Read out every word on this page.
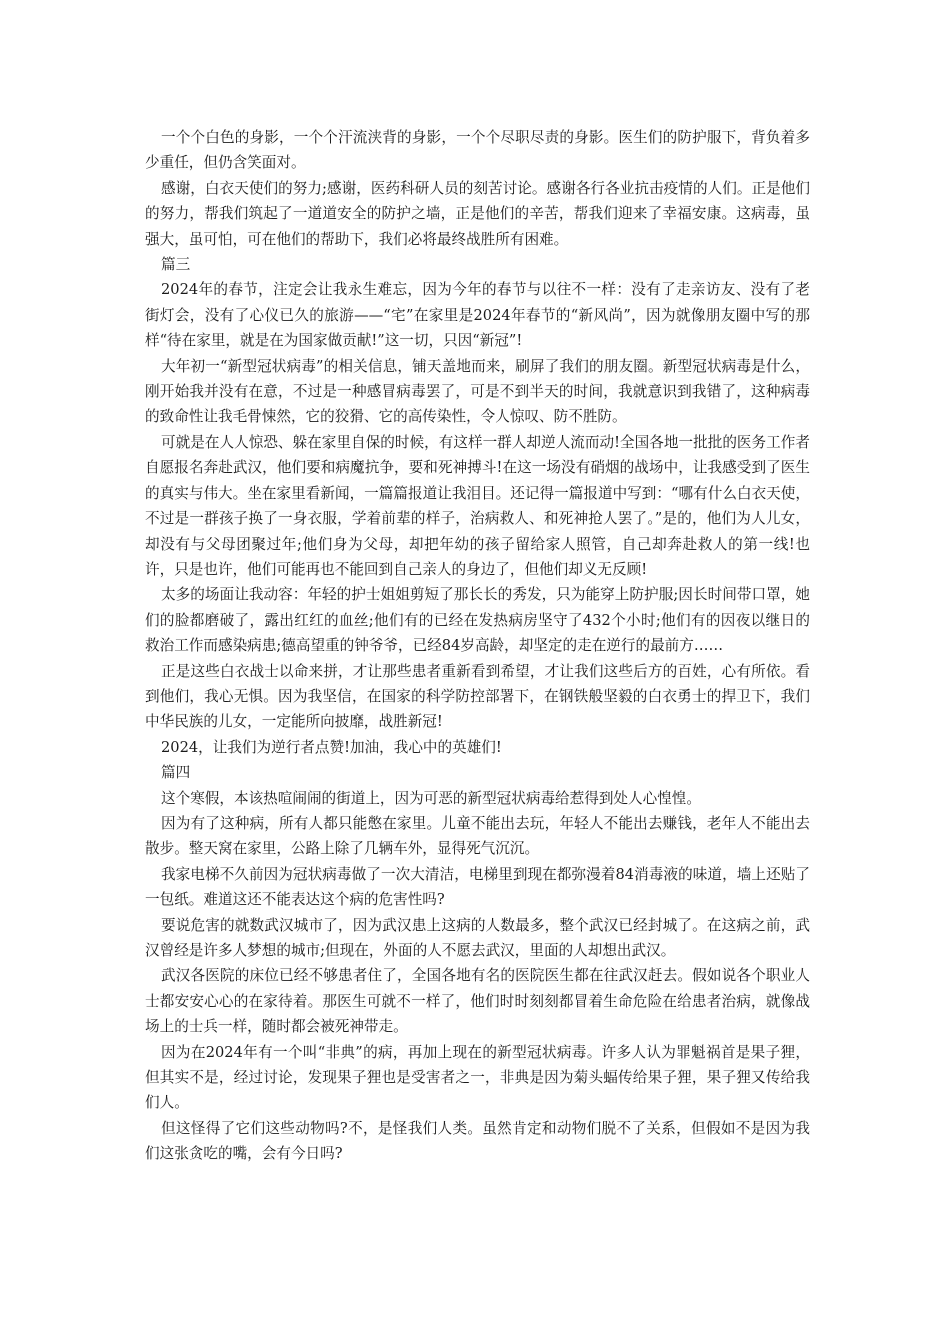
一个个白色的身影，一个个汗流浃背的身影，一个个尽职尽责的身影。医生们的防护服下，背负着多少重任，但仍含笑面对。

感谢，白衣天使们的努力;感谢，医药科研人员的刻苦讨论。感谢各行各业抗击疫情的人们。正是他们的努力，帮我们筑起了一道道安全的防护之墙，正是他们的辛苦，帮我们迎来了幸福安康。这病毒，虽强大，虽可怕，可在他们的帮助下，我们必将最终战胜所有困难。

篇三

2024年的春节，注定会让我永生难忘，因为今年的春节与以往不一样：没有了走亲访友、没有了老街灯会，没有了心仪已久的旅游——“宅”在家里是2024年春节的“新风尚”，因为就像朋友圈中写的那样“待在家里，就是在为国家做贡献!”这一切，只因“新冠”!

大年初一“新型冠状病毒”的相关信息，铺天盖地而来，刷屏了我们的朋友圈。新型冠状病毒是什么，刚开始我并没有在意，不过是一种感冒病毒罢了，可是不到半天的时间，我就意识到我错了，这种病毒的致命性让我毛骨悚然，它的狡猾、它的高传染性，令人惊叹、防不胜防。

可就是在人人惊恐、躲在家里自保的时候，有这样一群人却逆人流而动!全国各地一批批的医务工作者自愿报名奔赴武汉，他们要和病魔抗争，要和死神搏斗!在这一场没有硝烟的战场中，让我感受到了医生的真实与伟大。坐在家里看新闻，一篇篇报道让我泪目。还记得一篇报道中写到：“哪有什么白衣天使，不过是一群孩子换了一身衣服，学着前辈的样子，治病救人、和死神抢人罢了。”是的，他们为人儿女，却没有与父母团聚过年;他们身为父母，却把年幼的孩子留给家人照管，自己却奔赴救人的第一线!也许，只是也许，他们可能再也不能回到自己亲人的身边了，但他们却义无反顾!

太多的场面让我动容：年轻的护士姐姐剪短了那长长的秀发，只为能穿上防护服;因长时间带口罩，她们的脸都磨破了，露出红红的血丝;他们有的已经在发热病房坚守了432个小时;他们有的因夜以继日的救治工作而感染病患;德高望重的钟爷爷，已经84岁高龄，却坚定的走在逆行的最前方……

正是这些白衣战士以命来拼，才让那些患者重新看到希望，才让我们这些后方的百姓，心有所依。看到他们，我心无惧。因为我坚信，在国家的科学防控部署下，在钢铁般坚毅的白衣勇士的捍卫下，我们中华民族的儿女，一定能所向披靡，战胜新冠!

2024，让我们为逆行者点赞!加油，我心中的英雄们!

篇四

这个寒假，本该热喧闹闹的街道上，因为可恶的新型冠状病毒给惹得到处人心惶惶。

因为有了这种病，所有人都只能憋在家里。儿童不能出去玩，年轻人不能出去赚钱，老年人不能出去散步。整天窝在家里，公路上除了几辆车外，显得死气沉沉。

我家电梯不久前因为冠状病毒做了一次大清洁，电梯里到现在都弥漫着84消毒液的味道，墙上还贴了一包纸。难道这还不能表达这个病的危害性吗?

要说危害的就数武汉城市了，因为武汉患上这病的人数最多，整个武汉已经封城了。在这病之前，武汉曾经是许多人梦想的城市;但现在，外面的人不愿去武汉，里面的人却想出武汉。

武汉各医院的床位已经不够患者住了，全国各地有名的医院医生都在往武汉赶去。假如说各个职业人士都安安心心的在家待着。那医生可就不一样了，他们时时刻刻都冒着生命危险在给患者治病，就像战场上的士兵一样，随时都会被死神带走。

因为在2024年有一个叫“非典”的病，再加上现在的新型冠状病毒。许多人认为罪魁祸首是果子狸，但其实不是，经过讨论，发现果子狸也是受害者之一，非典是因为菊头蝠传给果子狸，果子狸又传给我们人。

但这怪得了它们这些动物吗?不，是怪我们人类。虽然肯定和动物们脱不了关系，但假如不是因为我们这张贪吃的嘴，会有今日吗?
